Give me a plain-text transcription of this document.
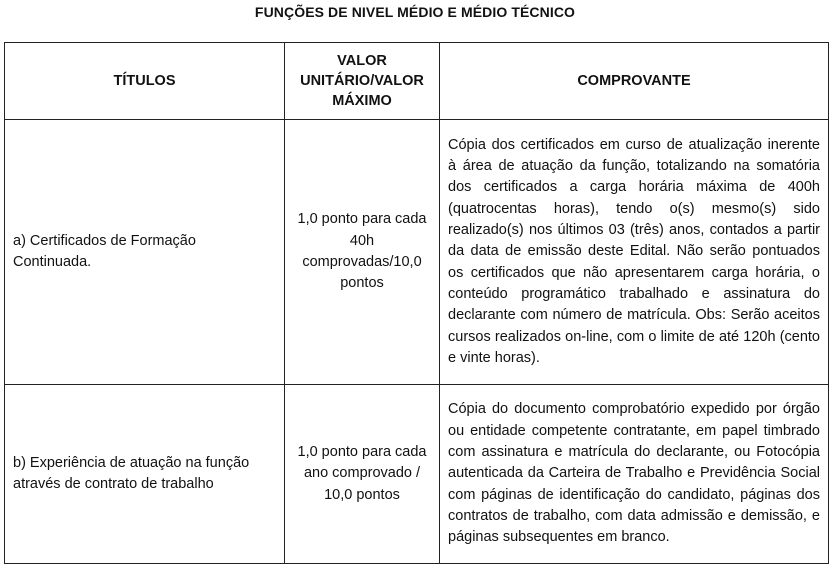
FUNÇÕES DE NIVEL MÉDIO E MÉDIO TÉCNICO
TÍTULOS	VALOR UNITÁRIO/VALOR MÁXIMO	COMPROVANTE
a) Certificados de Formação Continuada.	1,0 ponto para cada 40h comprovadas/10,0 pontos	Cópia dos certificados em curso de atualização inerente à área de atuação da função, totalizando na somatória dos certificados a carga horária máxima de 400h (quatrocentas horas), tendo o(s) mesmo(s) sido realizado(s) nos últimos 03 (três) anos, contados a partir da data de emissão deste Edital. Não serão pontuados os certificados que não apresentarem carga horária, o conteúdo programático trabalhado e assinatura do declarante com número de matrícula. Obs: Serão aceitos cursos realizados on-line, com o limite de até 120h (cento e vinte horas).
b) Experiência de atuação na função através de contrato de trabalho	1,0 ponto para cada ano comprovado / 10,0 pontos	Cópia do documento comprobatório expedido por órgão ou entidade competente contratante, em papel timbrado com assinatura e matrícula do declarante, ou Fotocópia autenticada da Carteira de Trabalho e Previdência Social com páginas de identificação do candidato, páginas dos contratos de trabalho, com data admissão e demissão, e páginas subsequentes em branco.
